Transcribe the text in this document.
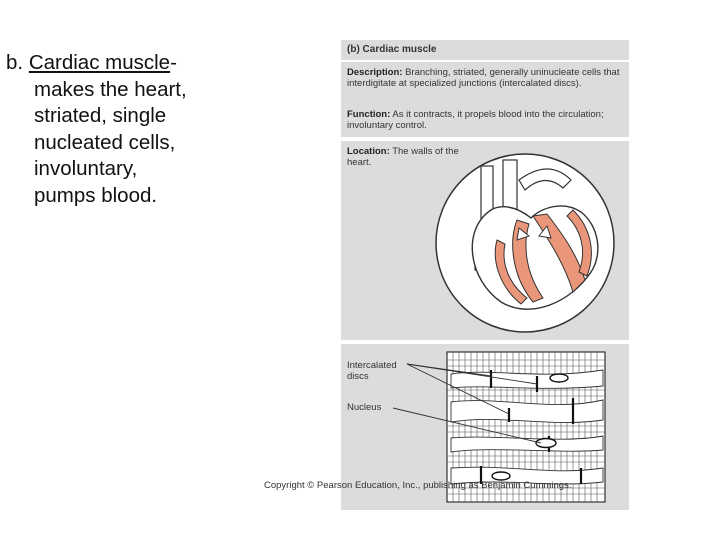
b. Cardiac muscle-
makes the heart,
striated, single
nucleated cells,
involuntary,
pumps blood.
(b) Cardiac muscle
Description: Branching, striated, generally uninucleate cells that interdigitate at specialized junctions (intercalated discs).
Function: As it contracts, it propels blood into the circulation; involuntary control.
Location: The walls of the heart.
Intercalated discs
Nucleus
Copyright © Pearson Education, Inc., publishing as Benjamin Cummings.
